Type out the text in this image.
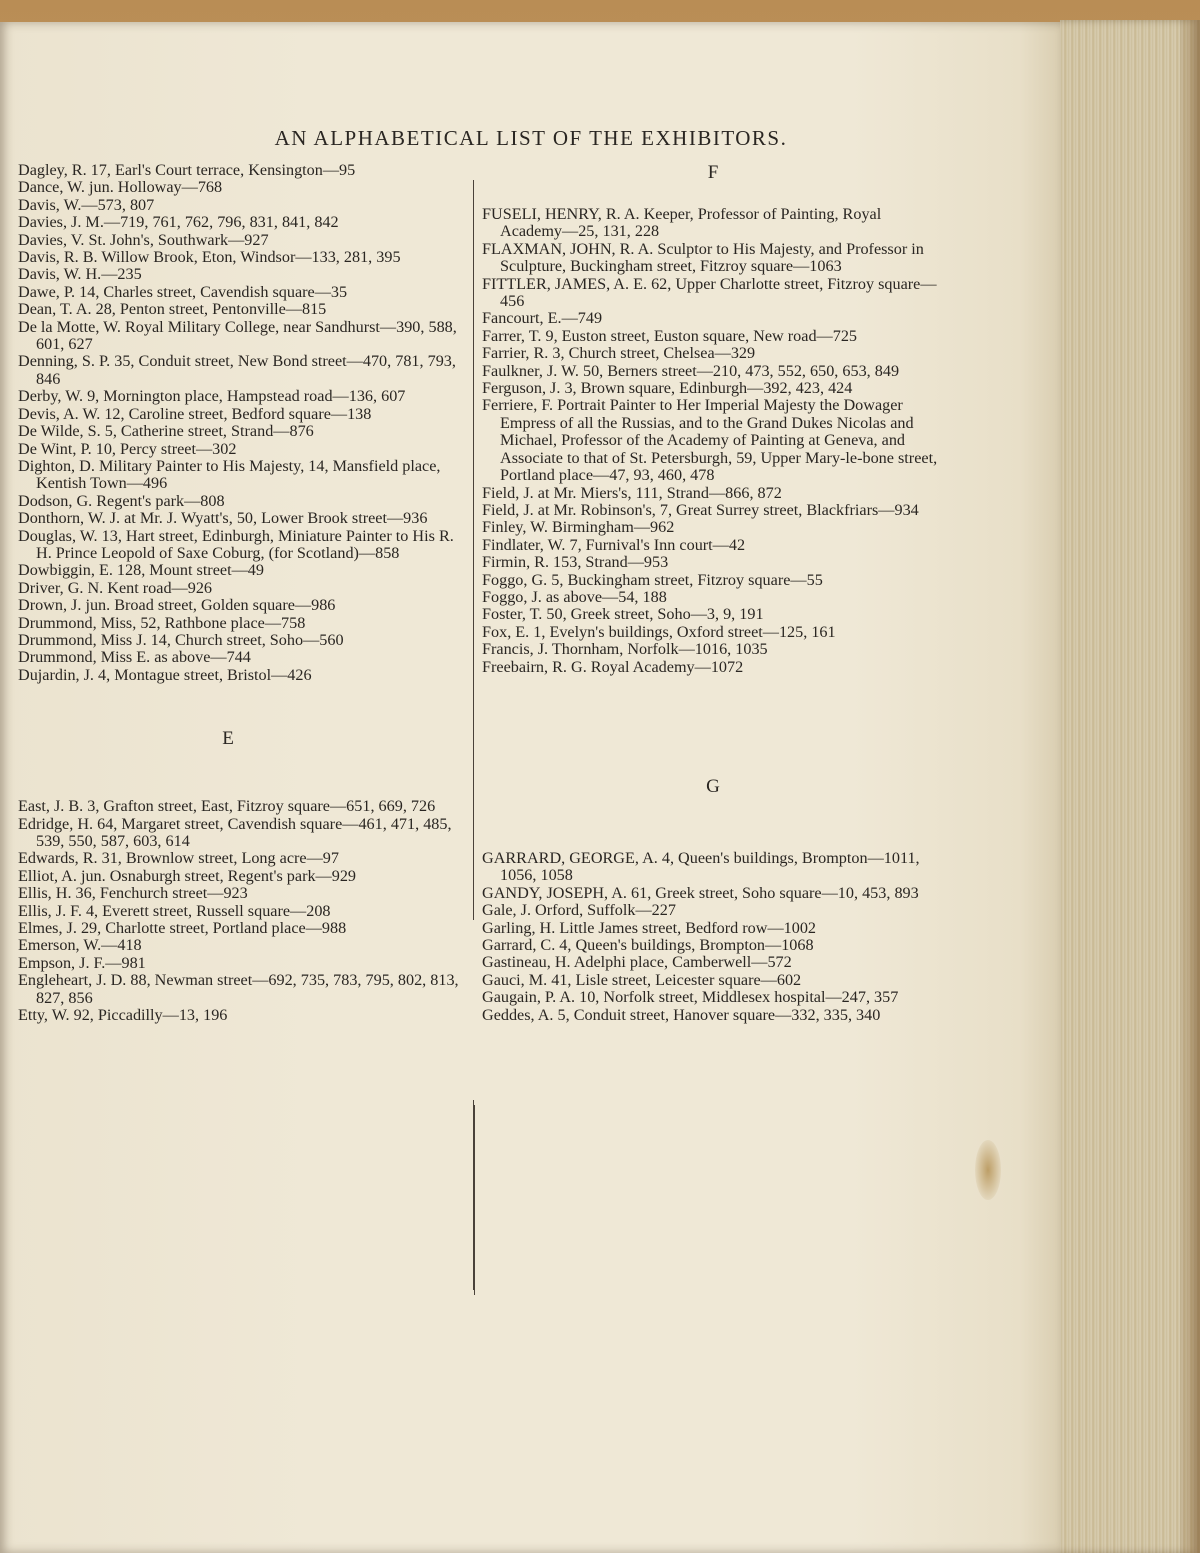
AN ALPHABETICAL LIST OF THE EXHIBITORS.

Dagley, R. 17, Earl's Court terrace, Kensington—95

Dance, W. jun. Holloway—768

Davis, W.—573, 807

Davies, J. M.—719, 761, 762, 796, 831, 841, 842

Davies, V. St. John's, Southwark—927

Davis, R. B. Willow Brook, Eton, Windsor—133, 281, 395

Davis, W. H.—235

Dawe, P. 14, Charles street, Cavendish square—35

Dean, T. A. 28, Penton street, Pentonville—815

De la Motte, W. Royal Military College, near Sandhurst—390, 588, 601, 627

Denning, S. P. 35, Conduit street, New Bond street—470, 781, 793, 846

Derby, W. 9, Mornington place, Hampstead road—136, 607

Devis, A. W. 12, Caroline street, Bedford square—138

De Wilde, S. 5, Catherine street, Strand—876

De Wint, P. 10, Percy street—302

Dighton, D. Military Painter to His Majesty, 14, Mansfield place, Kentish Town—496

Dodson, G. Regent's park—808

Donthorn, W. J. at Mr. J. Wyatt's, 50, Lower Brook street—936

Douglas, W. 13, Hart street, Edinburgh, Miniature Painter to His R. H. Prince Leopold of Saxe Coburg, (for Scotland)—858

Dowbiggin, E. 128, Mount street—49

Driver, G. N. Kent road—926

Drown, J. jun. Broad street, Golden square—986

Drummond, Miss, 52, Rathbone place—758

Drummond, Miss J. 14, Church street, Soho—560

Drummond, Miss E. as above—744

Dujardin, J. 4, Montague street, Bristol—426

E

East, J. B. 3, Grafton street, East, Fitzroy square—651, 669, 726

Edridge, H. 64, Margaret street, Cavendish square—461, 471, 485, 539, 550, 587, 603, 614

Edwards, R. 31, Brownlow street, Long acre—97

Elliot, A. jun. Osnaburgh street, Regent's park—929

Ellis, H. 36, Fenchurch street—923

Ellis, J. F. 4, Everett street, Russell square—208

Elmes, J. 29, Charlotte street, Portland place—988

Emerson, W.—418

Empson, J. F.—981

Engleheart, J. D. 88, Newman street—692, 735, 783, 795, 802, 813, 827, 856

Etty, W. 92, Piccadilly—13, 196

F

FUSELI, HENRY, R. A. Keeper, Professor of Painting, Royal Academy—25, 131, 228

FLAXMAN, JOHN, R. A. Sculptor to His Majesty, and Professor in Sculpture, Buckingham street, Fitzroy square—1063

FITTLER, JAMES, A. E. 62, Upper Charlotte street, Fitzroy square—456

Fancourt, E.—749

Farrer, T. 9, Euston street, Euston square, New road—725

Farrier, R. 3, Church street, Chelsea—329

Faulkner, J. W. 50, Berners street—210, 473, 552, 650, 653, 849

Ferguson, J. 3, Brown square, Edinburgh—392, 423, 424

Ferriere, F. Portrait Painter to Her Imperial Majesty the Dowager Empress of all the Russias, and to the Grand Dukes Nicolas and Michael, Professor of the Academy of Painting at Geneva, and Associate to that of St. Petersburgh, 59, Upper Mary-le-bone street, Portland place—47, 93, 460, 478

Field, J. at Mr. Miers's, 111, Strand—866, 872

Field, J. at Mr. Robinson's, 7, Great Surrey street, Blackfriars—934

Finley, W. Birmingham—962

Findlater, W. 7, Furnival's Inn court—42

Firmin, R. 153, Strand—953

Foggo, G. 5, Buckingham street, Fitzroy square—55

Foggo, J. as above—54, 188

Foster, T. 50, Greek street, Soho—3, 9, 191

Fox, E. 1, Evelyn's buildings, Oxford street—125, 161

Francis, J. Thornham, Norfolk—1016, 1035

Freebairn, R. G. Royal Academy—1072

G

GARRARD, GEORGE, A. 4, Queen's buildings, Brompton—1011, 1056, 1058

GANDY, JOSEPH, A. 61, Greek street, Soho square—10, 453, 893

Gale, J. Orford, Suffolk—227

Garling, H. Little James street, Bedford row—1002

Garrard, C. 4, Queen's buildings, Brompton—1068

Gastineau, H. Adelphi place, Camberwell—572

Gauci, M. 41, Lisle street, Leicester square—602

Gaugain, P. A. 10, Norfolk street, Middlesex hospital—247, 357

Geddes, A. 5, Conduit street, Hanover square—332, 335, 340
